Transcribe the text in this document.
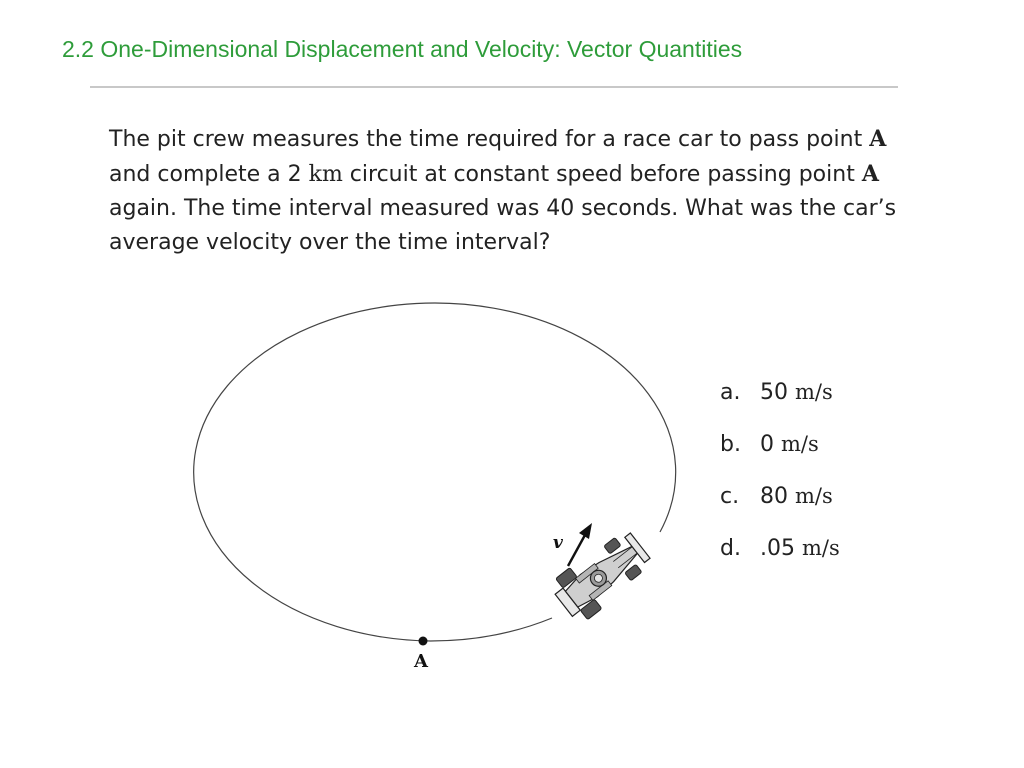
2.2 One-Dimensional Displacement and Velocity: Vector Quantities
The pit crew measures the time required for a race car to pass point A
and complete a 2 km circuit at constant speed before passing point A
again. The time interval measured was 40 seconds. What was the car’s
average velocity over the time interval?
A
v
a. 50 m/s
b. 0 m/s
c. 80 m/s
d. .05 m/s
